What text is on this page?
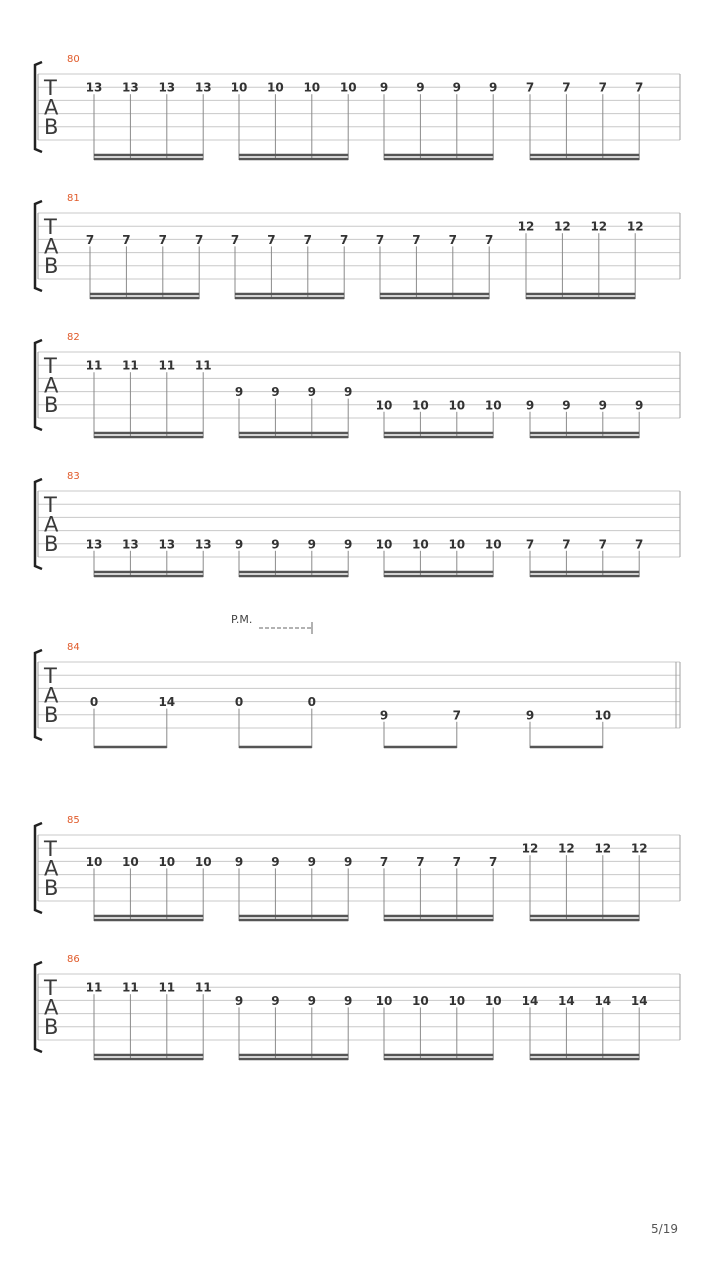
T
A
B
80
13 13 13 13 10 10 10 10 9 9 9 9 7 7 7 7
T
A
B
81
7 7 7 7 7 7 7 7 7 7 7 7
12 12 12 12
T
A
B
82
11 11 11 11
9 9 9 9
10 10 10 10 9 9 9 9
T
A
B
83
13 13 13 13 9 9 9 9 10 10 10 10 7 7 7 7
T
A
B
84
P.M.
0	14	0	0
9	7	9	10
T
A
B
85
10 10 10 10 9 9 9 9 7 7 7 7
12 12 12 12
T
A
B
86
11 11 11 11
9 9 9 9 10 10 10 10 14 14 14 14
5/19
